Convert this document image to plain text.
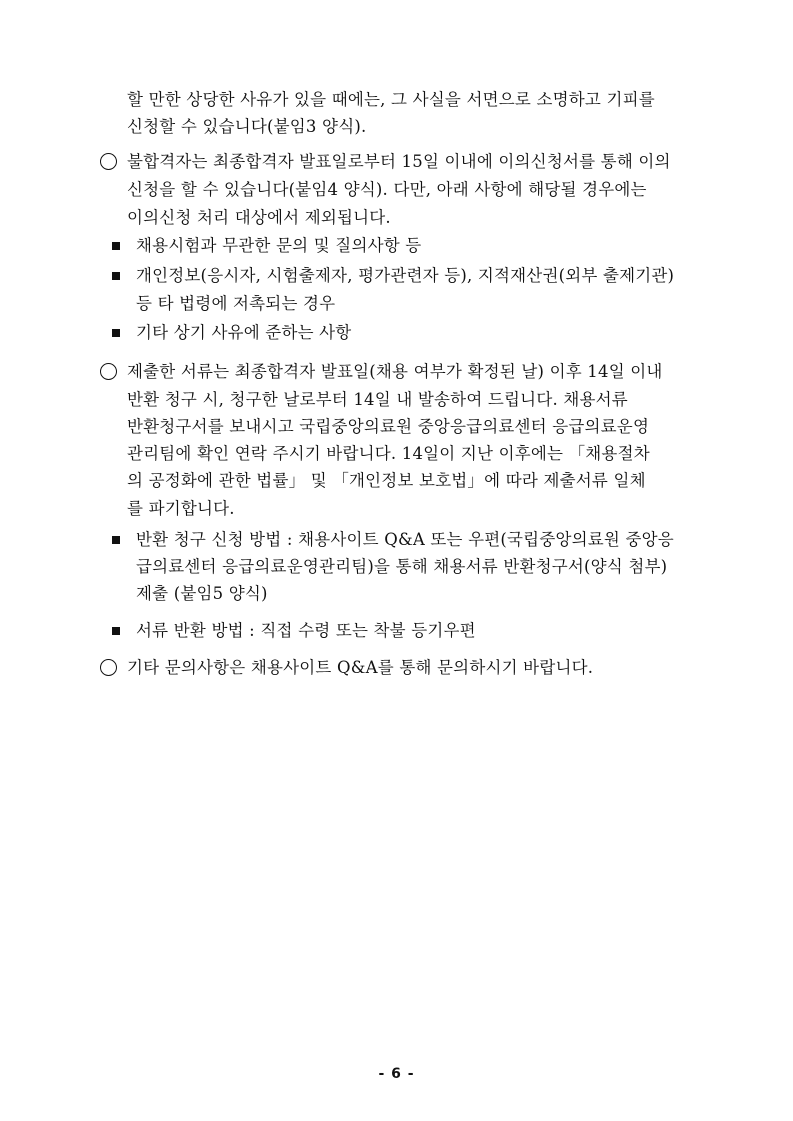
할 만한 상당한 사유가 있을 때에는, 그 사실을 서면으로 소명하고 기피를
신청할 수 있습니다(붙임3 양식).
불합격자는 최종합격자 발표일로부터 15일 이내에 이의신청서를 통해 이의
신청을 할 수 있습니다(붙임4 양식). 다만, 아래 사항에 해당될 경우에는
이의신청 처리 대상에서 제외됩니다.
채용시험과 무관한 문의 및 질의사항 등
개인정보(응시자, 시험출제자, 평가관련자 등), 지적재산권(외부 출제기관)
등 타 법령에 저촉되는 경우
기타 상기 사유에 준하는 사항
제출한 서류는 최종합격자 발표일(채용 여부가 확정된 날) 이후 14일 이내
반환 청구 시, 청구한 날로부터 14일 내 발송하여 드립니다. 채용서류
반환청구서를 보내시고 국립중앙의료원 중앙응급의료센터 응급의료운영
관리팀에 확인 연락 주시기 바랍니다. 14일이 지난 이후에는 「채용절차
의 공정화에 관한 법률」 및 「개인정보 보호법」에 따라 제출서류 일체
를 파기합니다.
반환 청구 신청 방법 : 채용사이트 Q&A 또는 우편(국립중앙의료원 중앙응
급의료센터 응급의료운영관리팀)을 통해 채용서류 반환청구서(양식 첨부)
제출 (붙임5 양식)
서류 반환 방법 : 직접 수령 또는 착불 등기우편
기타 문의사항은 채용사이트 Q&A를 통해 문의하시기 바랍니다.
- 6 -
